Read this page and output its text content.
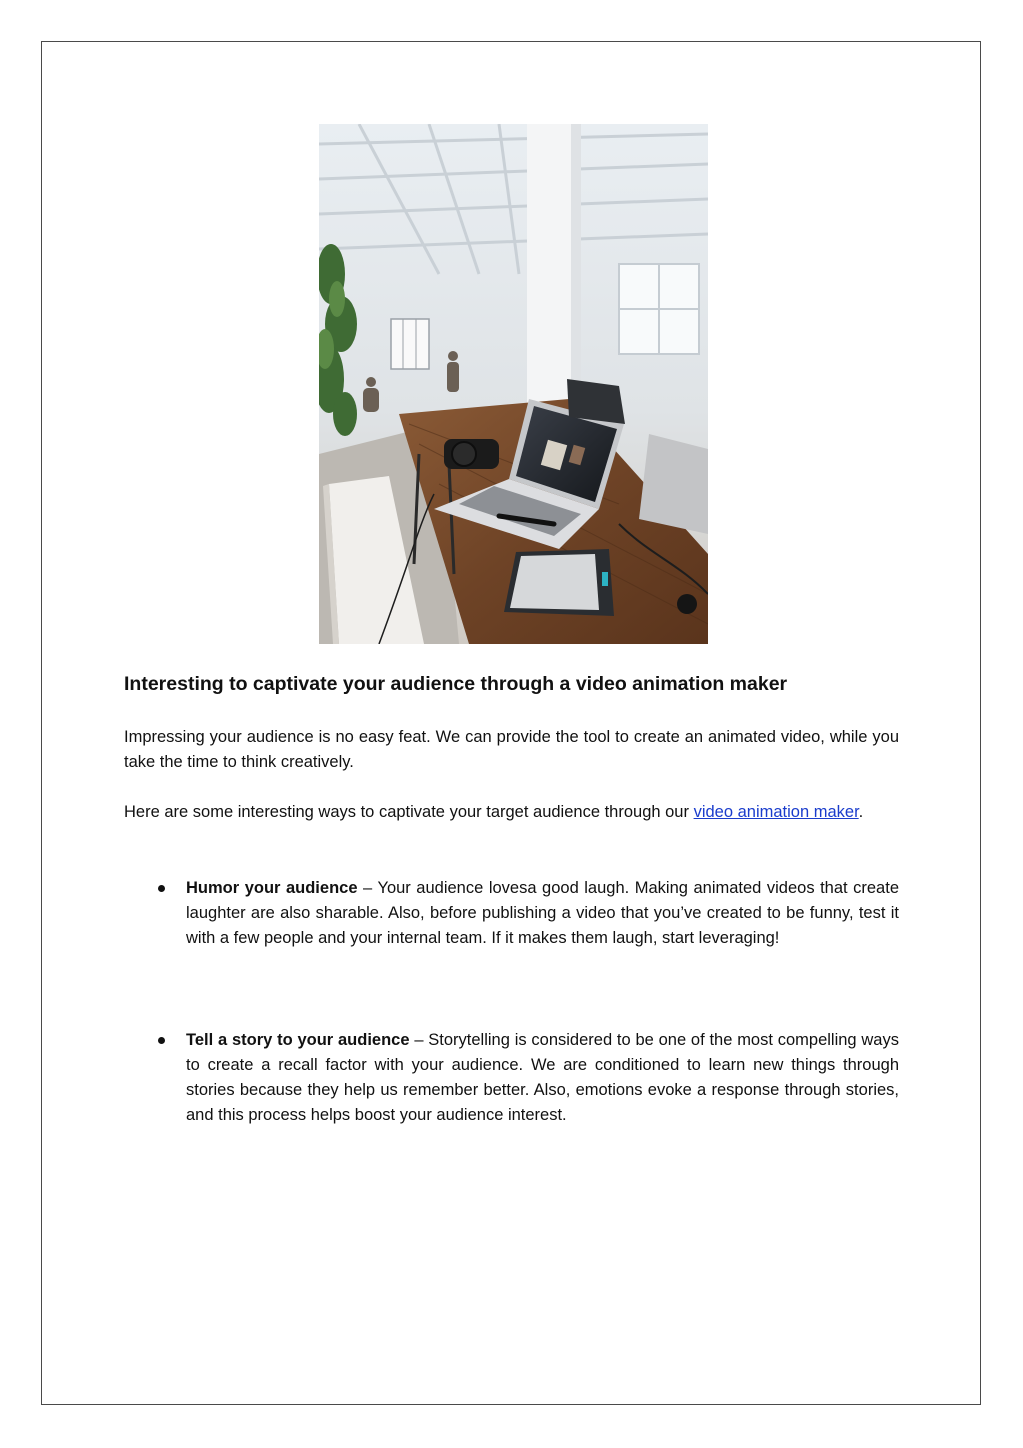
Interesting to captivate your audience through a video animation maker

Impressing your audience is no easy feat. We can provide the tool to create an animated video, while you take the time to think creatively.

Here are some interesting ways to captivate your target audience through our video animation maker.

Humor your audience – Your audience lovesa good laugh. Making animated videos that create laughter are also sharable. Also, before publishing a video that you’ve created to be funny, test it with a few people and your internal team. If it makes them laugh, start leveraging!

Tell a story to your audience – Storytelling is considered to be one of the most compelling ways to create a recall factor with your audience. We are conditioned to learn new things through stories because they help us remember better. Also, emotions evoke a response through stories, and this process helps boost your audience interest.
